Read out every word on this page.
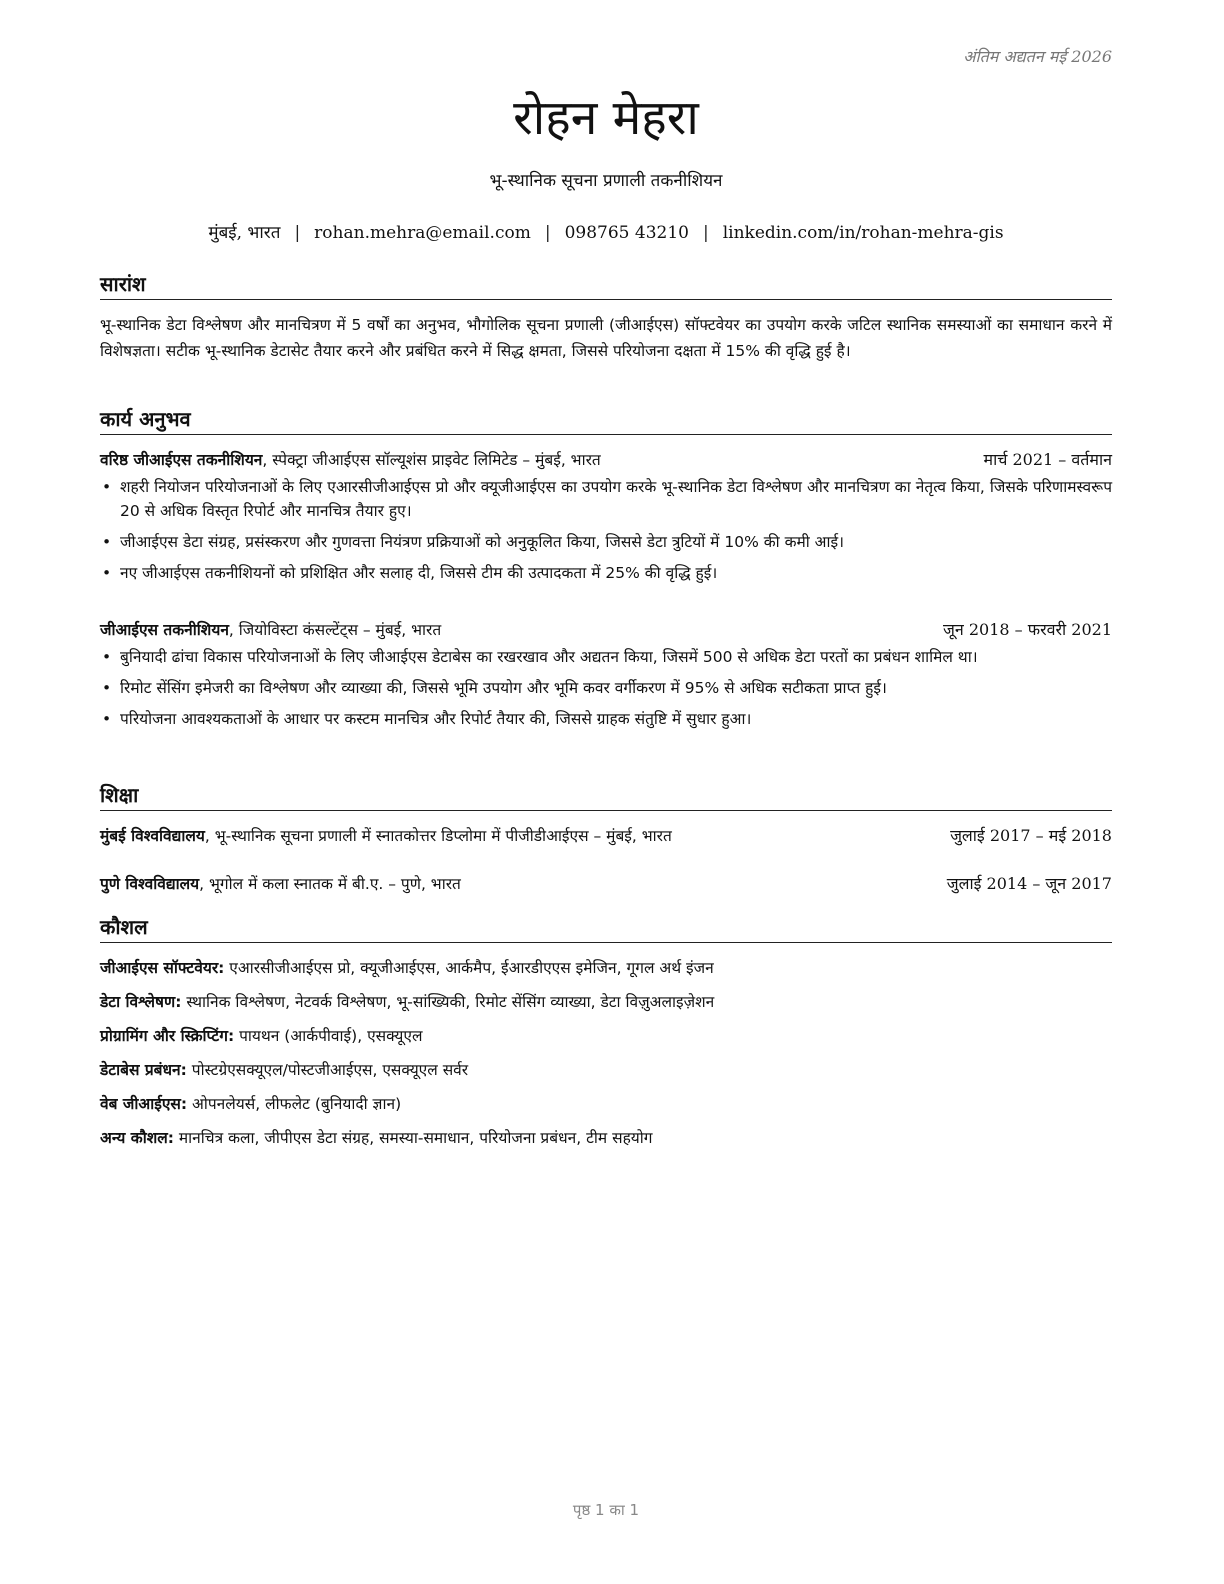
अंतिम अद्यतन मई 2026
रोहन मेहरा
भू-स्थानिक सूचना प्रणाली तकनीशियन
मुंबई, भारत | rohan.mehra@email.com | 098765 43210 | linkedin.com/in/rohan-mehra-gis
सारांश
भू-स्थानिक डेटा विश्लेषण और मानचित्रण में 5 वर्षों का अनुभव, भौगोलिक सूचना प्रणाली (जीआईएस) सॉफ्टवेयर का उपयोग करके जटिल स्थानिक समस्याओं का समाधान करने में विशेषज्ञता। सटीक भू-स्थानिक डेटासेट तैयार करने और प्रबंधित करने में सिद्ध क्षमता, जिससे परियोजना दक्षता में 15% की वृद्धि हुई है।
कार्य अनुभव
वरिष्ठ जीआईएस तकनीशियन, स्पेक्ट्रा जीआईएस सॉल्यूशंस प्राइवेट लिमिटेड – मुंबई, भारत	मार्च 2021 – वर्तमान
• शहरी नियोजन परियोजनाओं के लिए एआरसीजीआईएस प्रो और क्यूजीआईएस का उपयोग करके भू-स्थानिक डेटा विश्लेषण और मानचित्रण का नेतृत्व किया, जिसके परिणामस्वरूप 20 से अधिक विस्तृत रिपोर्ट और मानचित्र तैयार हुए।
• जीआईएस डेटा संग्रह, प्रसंस्करण और गुणवत्ता नियंत्रण प्रक्रियाओं को अनुकूलित किया, जिससे डेटा त्रुटियों में 10% की कमी आई।
• नए जीआईएस तकनीशियनों को प्रशिक्षित और सलाह दी, जिससे टीम की उत्पादकता में 25% की वृद्धि हुई।
जीआईएस तकनीशियन, जियोविस्टा कंसल्टेंट्स – मुंबई, भारत	जून 2018 – फरवरी 2021
• बुनियादी ढांचा विकास परियोजनाओं के लिए जीआईएस डेटाबेस का रखरखाव और अद्यतन किया, जिसमें 500 से अधिक डेटा परतों का प्रबंधन शामिल था।
• रिमोट सेंसिंग इमेजरी का विश्लेषण और व्याख्या की, जिससे भूमि उपयोग और भूमि कवर वर्गीकरण में 95% से अधिक सटीकता प्राप्त हुई।
• परियोजना आवश्यकताओं के आधार पर कस्टम मानचित्र और रिपोर्ट तैयार की, जिससे ग्राहक संतुष्टि में सुधार हुआ।
शिक्षा
मुंबई विश्वविद्यालय, भू-स्थानिक सूचना प्रणाली में स्नातकोत्तर डिप्लोमा में पीजीडीआईएस – मुंबई, भारत	जुलाई 2017 – मई 2018
पुणे विश्वविद्यालय, भूगोल में कला स्नातक में बी.ए. – पुणे, भारत	जुलाई 2014 – जून 2017
कौशल
जीआईएस सॉफ्टवेयर: एआरसीजीआईएस प्रो, क्यूजीआईएस, आर्कमैप, ईआरडीएएस इमेजिन, गूगल अर्थ इंजन
डेटा विश्लेषण: स्थानिक विश्लेषण, नेटवर्क विश्लेषण, भू-सांख्यिकी, रिमोट सेंसिंग व्याख्या, डेटा विज़ुअलाइज़ेशन
प्रोग्रामिंग और स्क्रिप्टिंग: पायथन (आर्कपीवाई), एसक्यूएल
डेटाबेस प्रबंधन: पोस्टग्रेएसक्यूएल/पोस्टजीआईएस, एसक्यूएल सर्वर
वेब जीआईएस: ओपनलेयर्स, लीफलेट (बुनियादी ज्ञान)
अन्य कौशल: मानचित्र कला, जीपीएस डेटा संग्रह, समस्या-समाधान, परियोजना प्रबंधन, टीम सहयोग
पृष्ठ 1 का 1
